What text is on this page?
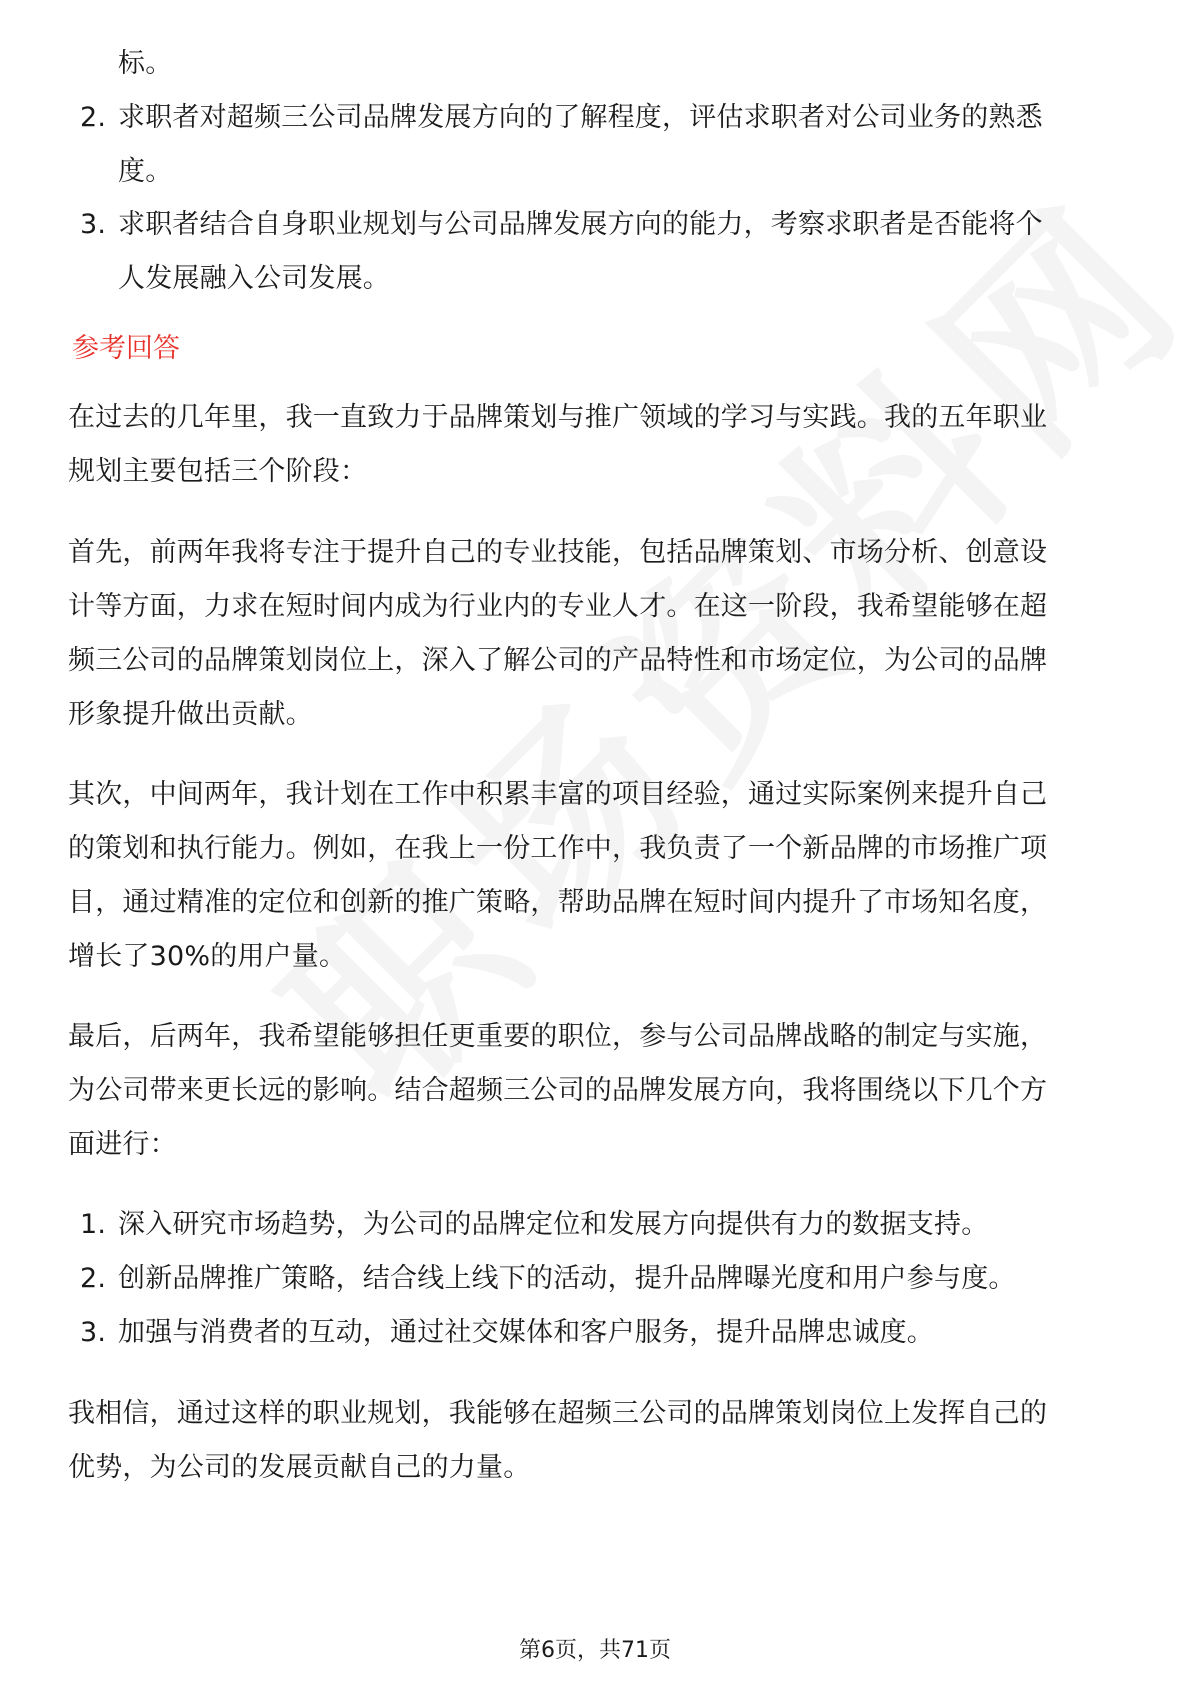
标。
2. 求职者对超频三公司品牌发展方向的了解程度，评估求职者对公司业务的熟悉
度。
3. 求职者结合自身职业规划与公司品牌发展方向的能力，考察求职者是否能将个
人发展融入公司发展。
参考回答
在过去的几年里，我一直致力于品牌策划与推广领域的学习与实践。我的五年职业
规划主要包括三个阶段：
首先，前两年我将专注于提升自己的专业技能，包括品牌策划、市场分析、创意设
计等方面，力求在短时间内成为行业内的专业人才。在这一阶段，我希望能够在超
频三公司的品牌策划岗位上，深入了解公司的产品特性和市场定位，为公司的品牌
形象提升做出贡献。
其次，中间两年，我计划在工作中积累丰富的项目经验，通过实际案例来提升自己
的策划和执行能力。例如，在我上一份工作中，我负责了一个新品牌的市场推广项
目，通过精准的定位和创新的推广策略，帮助品牌在短时间内提升了市场知名度，
增长了30%的用户量。
最后，后两年，我希望能够担任更重要的职位，参与公司品牌战略的制定与实施，
为公司带来更长远的影响。结合超频三公司的品牌发展方向，我将围绕以下几个方
面进行：
1. 深入研究市场趋势，为公司的品牌定位和发展方向提供有力的数据支持。
2. 创新品牌推广策略，结合线上线下的活动，提升品牌曝光度和用户参与度。
3. 加强与消费者的互动，通过社交媒体和客户服务，提升品牌忠诚度。
我相信，通过这样的职业规划，我能够在超频三公司的品牌策划岗位上发挥自己的
优势，为公司的发展贡献自己的力量。
第6页，共71页
